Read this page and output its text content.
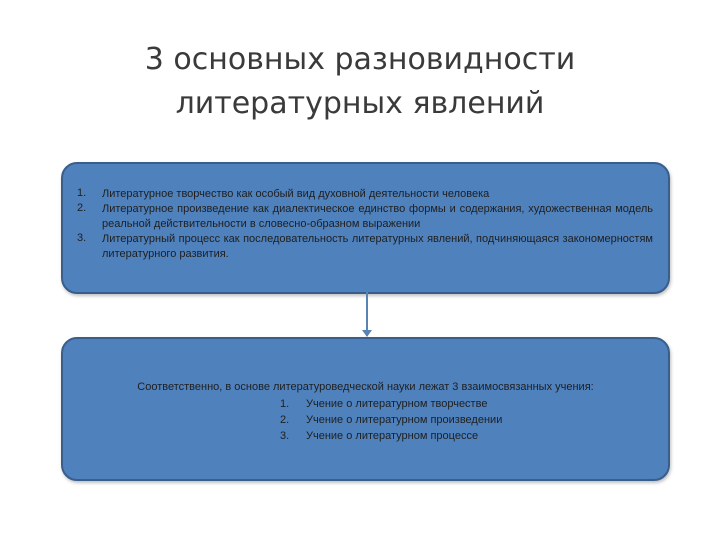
3 основных разновидности
литературных явлений
1.	Литературное творчество как особый вид духовной деятельности человека
2.	Литературное произведение как диалектическое единство формы и содержания, художественная модель реальной действительности в словесно-образном выражении
3.	Литературный процесс как последовательность литературных явлений, подчиняющаяся закономерностям литературного развития.
Соответственно, в основе литературоведческой науки лежат 3 взаимосвязанных учения:
1. Учение о литературном творчестве
2. Учение о литературном произведении
3. Учение о литературном процессе
